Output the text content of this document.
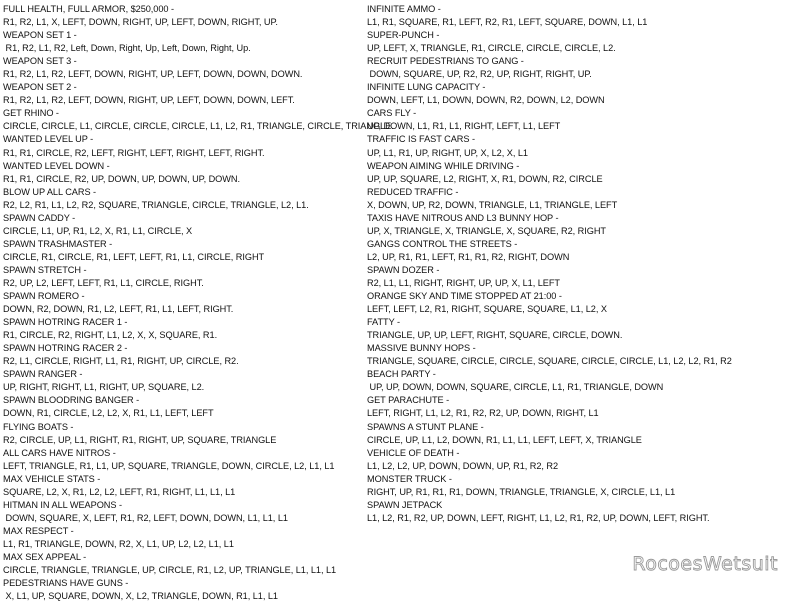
FULL HEALTH, FULL ARMOR, $250,000 -
R1, R2, L1, X, LEFT, DOWN, RIGHT, UP, LEFT, DOWN, RIGHT, UP.
WEAPON SET 1 -
R1, R2, L1, R2, Left, Down, Right, Up, Left, Down, Right, Up.
WEAPON SET 3 -
R1, R2, L1, R2, LEFT, DOWN, RIGHT, UP, LEFT, DOWN, DOWN, DOWN.
WEAPON SET 2 -
R1, R2, L1, R2, LEFT, DOWN, RIGHT, UP, LEFT, DOWN, DOWN, LEFT.
GET RHINO -
CIRCLE, CIRCLE, L1, CIRCLE, CIRCLE, CIRCLE, L1, L2, R1, TRIANGLE, CIRCLE, TRIANGLE.
WANTED LEVEL UP -
R1, R1, CIRCLE, R2, LEFT, RIGHT, LEFT, RIGHT, LEFT, RIGHT.
WANTED LEVEL DOWN -
R1, R1, CIRCLE, R2, UP, DOWN, UP, DOWN, UP, DOWN.
BLOW UP ALL CARS -
R2, L2, R1, L1, L2, R2, SQUARE, TRIANGLE, CIRCLE, TRIANGLE, L2, L1.
SPAWN CADDY -
CIRCLE, L1, UP, R1, L2, X, R1, L1, CIRCLE, X
SPAWN TRASHMASTER -
CIRCLE, R1, CIRCLE, R1, LEFT, LEFT, R1, L1, CIRCLE, RIGHT
SPAWN STRETCH -
R2, UP, L2, LEFT, LEFT, R1, L1, CIRCLE, RIGHT.
SPAWN ROMERO -
DOWN, R2, DOWN, R1, L2, LEFT, R1, L1, LEFT, RIGHT.
SPAWN HOTRING RACER 1 -
R1, CIRCLE, R2, RIGHT, L1, L2, X, X, SQUARE, R1.
SPAWN HOTRING RACER 2 -
R2, L1, CIRCLE, RIGHT, L1, R1, RIGHT, UP, CIRCLE, R2.
SPAWN RANGER -
UP, RIGHT, RIGHT, L1, RIGHT, UP, SQUARE, L2.
SPAWN BLOODRING BANGER -
DOWN, R1, CIRCLE, L2, L2, X, R1, L1, LEFT, LEFT
FLYING BOATS -
R2, CIRCLE, UP, L1, RIGHT, R1, RIGHT, UP, SQUARE, TRIANGLE
ALL CARS HAVE NITROS -
LEFT, TRIANGLE, R1, L1, UP, SQUARE, TRIANGLE, DOWN, CIRCLE, L2, L1, L1
MAX VEHICLE STATS -
SQUARE, L2, X, R1, L2, L2, LEFT, R1, RIGHT, L1, L1, L1
HITMAN IN ALL WEAPONS -
DOWN, SQUARE, X, LEFT, R1, R2, LEFT, DOWN, DOWN, L1, L1, L1
MAX RESPECT -
L1, R1, TRIANGLE, DOWN, R2, X, L1, UP, L2, L2, L1, L1
MAX SEX APPEAL -
CIRCLE, TRIANGLE, TRIANGLE, UP, CIRCLE, R1, L2, UP, TRIANGLE, L1, L1, L1
PEDESTRIANS HAVE GUNS -
X, L1, UP, SQUARE, DOWN, X, L2, TRIANGLE, DOWN, R1, L1, L1
INFINITE AMMO -
L1, R1, SQUARE, R1, LEFT, R2, R1, LEFT, SQUARE, DOWN, L1, L1
SUPER-PUNCH -
UP, LEFT, X, TRIANGLE, R1, CIRCLE, CIRCLE, CIRCLE, L2.
RECRUIT PEDESTRIANS TO GANG -
DOWN, SQUARE, UP, R2, R2, UP, RIGHT, RIGHT, UP.
INFINITE LUNG CAPACITY -
DOWN, LEFT, L1, DOWN, DOWN, R2, DOWN, L2, DOWN
CARS FLY -
UP, DOWN, L1, R1, L1, RIGHT, LEFT, L1, LEFT
TRAFFIC IS FAST CARS -
UP, L1, R1, UP, RIGHT, UP, X, L2, X, L1
WEAPON AIMING WHILE DRIVING -
UP, UP, SQUARE, L2, RIGHT, X, R1, DOWN, R2, CIRCLE
REDUCED TRAFFIC -
X, DOWN, UP, R2, DOWN, TRIANGLE, L1, TRIANGLE, LEFT
TAXIS HAVE NITROUS AND L3 BUNNY HOP -
UP, X, TRIANGLE, X, TRIANGLE, X, SQUARE, R2, RIGHT
GANGS CONTROL THE STREETS -
L2, UP, R1, R1, LEFT, R1, R1, R2, RIGHT, DOWN
SPAWN DOZER -
R2, L1, L1, RIGHT, RIGHT, UP, UP, X, L1, LEFT
ORANGE SKY AND TIME STOPPED AT 21:00 -
LEFT, LEFT, L2, R1, RIGHT, SQUARE, SQUARE, L1, L2, X
FATTY -
TRIANGLE, UP, UP, LEFT, RIGHT, SQUARE, CIRCLE, DOWN.
MASSIVE BUNNY HOPS -
TRIANGLE, SQUARE, CIRCLE, CIRCLE, SQUARE, CIRCLE, CIRCLE, L1, L2, L2, R1, R2
BEACH PARTY -
UP, UP, DOWN, DOWN, SQUARE, CIRCLE, L1, R1, TRIANGLE, DOWN
GET PARACHUTE -
LEFT, RIGHT, L1, L2, R1, R2, R2, UP, DOWN, RIGHT, L1
SPAWNS A STUNT PLANE -
CIRCLE, UP, L1, L2, DOWN, R1, L1, L1, LEFT, LEFT, X, TRIANGLE
VEHICLE OF DEATH -
L1, L2, L2, UP, DOWN, DOWN, UP, R1, R2, R2
MONSTER TRUCK -
RIGHT, UP, R1, R1, R1, DOWN, TRIANGLE, TRIANGLE, X, CIRCLE, L1, L1
SPAWN JETPACK
L1, L2, R1, R2, UP, DOWN, LEFT, RIGHT, L1, L2, R1, R2, UP, DOWN, LEFT, RIGHT.
RocoesWetsuit
